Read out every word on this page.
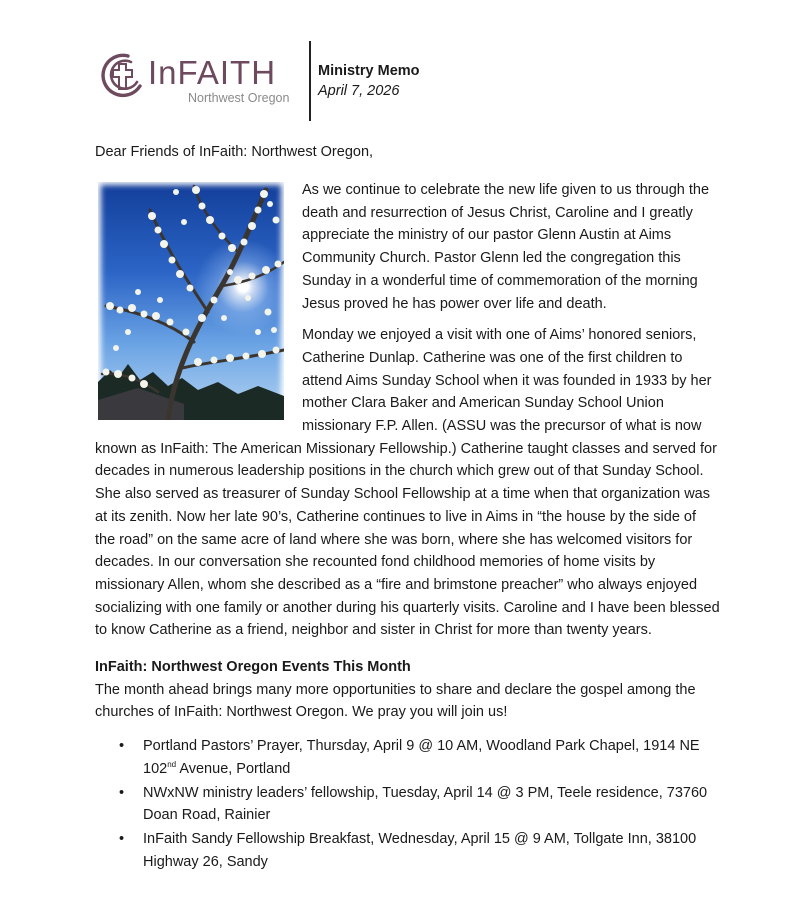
InFAITH
Northwest Oregon
Ministry Memo
April 7, 2026
Dear Friends of InFaith: Northwest Oregon,

As we continue to celebrate the new life given to us through the death and resurrection of Jesus Christ, Caroline and I greatly appreciate the ministry of our pastor Glenn Austin at Aims Community Church. Pastor Glenn led the congregation this Sunday in a wonderful time of commemoration of the morning Jesus proved he has power over life and death.

Monday we enjoyed a visit with one of Aims’ honored seniors, Catherine Dunlap. Catherine was one of the first children to attend Aims Sunday School when it was founded in 1933 by her mother Clara Baker and American Sunday School Union missionary F.P. Allen. (ASSU was the precursor of what is now known as InFaith: The American Missionary Fellowship.) Catherine taught classes and served for decades in numerous leadership positions in the church which grew out of that Sunday School. She also served as treasurer of Sunday School Fellowship at a time when that organization was at its zenith. Now her late 90’s, Catherine continues to live in Aims in “the house by the side of the road” on the same acre of land where she was born, where she has welcomed visitors for decades. In our conversation she recounted fond childhood memories of home visits by missionary Allen, whom she described as a “fire and brimstone preacher” who always enjoyed socializing with one family or another during his quarterly visits. Caroline and I have been blessed to know Catherine as a friend, neighbor and sister in Christ for more than twenty years.

InFaith: Northwest Oregon Events This Month
The month ahead brings many more opportunities to share and declare the gospel among the churches of InFaith: Northwest Oregon. We pray you will join us!
• Portland Pastors’ Prayer, Thursday, April 9 @ 10 AM, Woodland Park Chapel, 1914 NE 102nd Avenue, Portland
• NWxNW ministry leaders’ fellowship, Tuesday, April 14 @ 3 PM, Teele residence, 73760 Doan Road, Rainier
• InFaith Sandy Fellowship Breakfast, Wednesday, April 15 @ 9 AM, Tollgate Inn, 38100 Highway 26, Sandy
